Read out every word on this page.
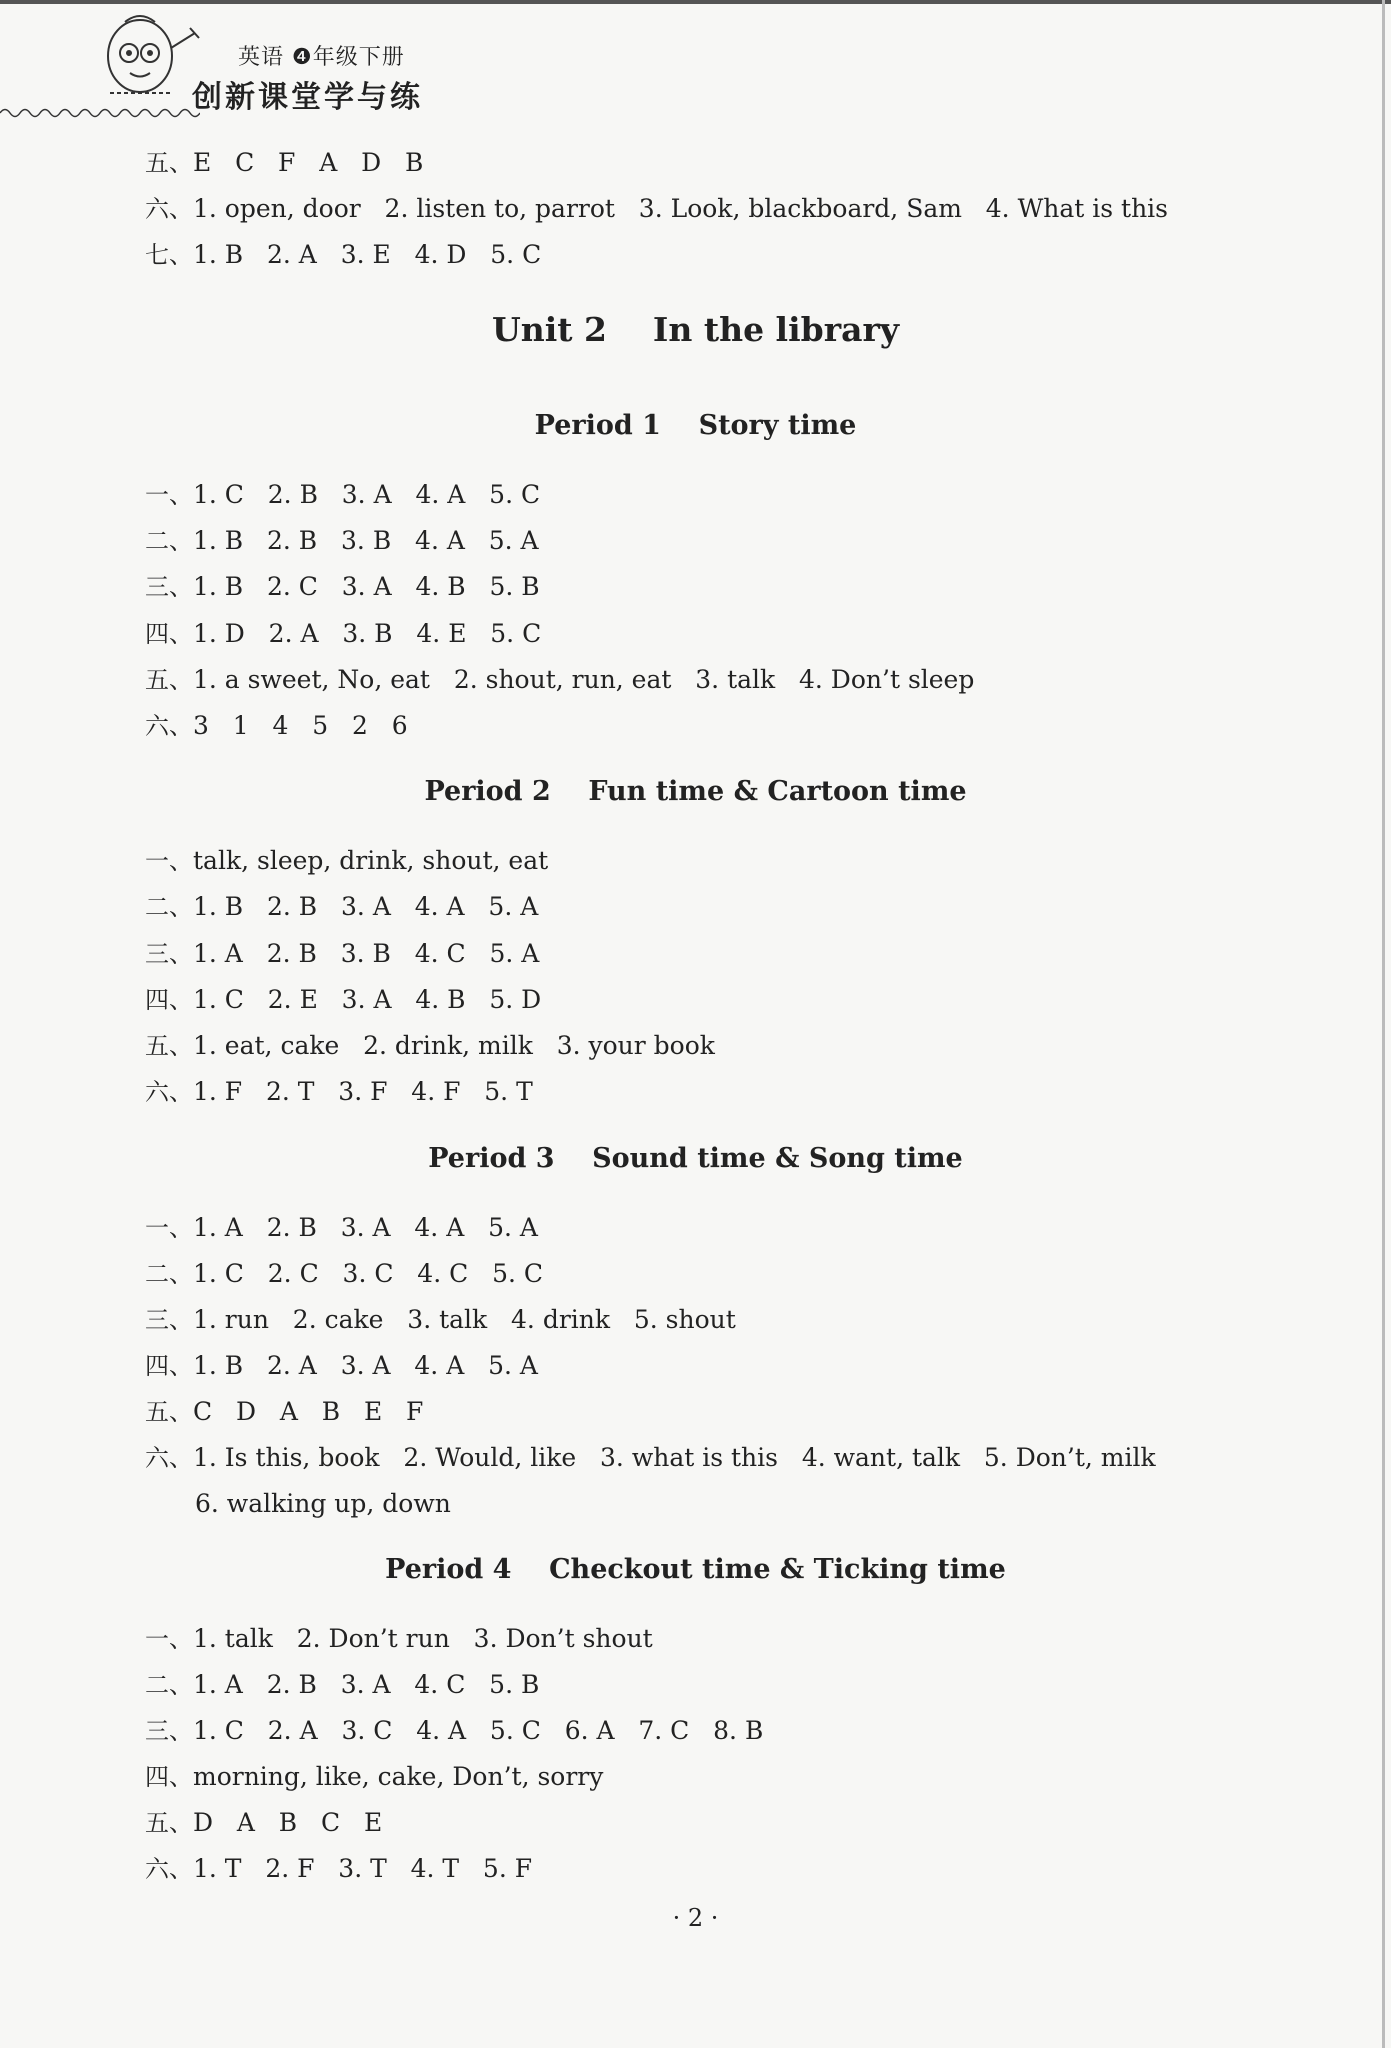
英语 ❹年级下册
创新课堂学与练
五、E   C   F   A   D   B
六、1. open, door   2. listen to, parrot   3. Look, blackboard, Sam   4. What is this
七、1. B   2. A   3. E   4. D   5. C
Unit 2    In the library
Period 1    Story time
一、1. C   2. B   3. A   4. A   5. C
二、1. B   2. B   3. B   4. A   5. A
三、1. B   2. C   3. A   4. B   5. B
四、1. D   2. A   3. B   4. E   5. C
五、1. a sweet, No, eat   2. shout, run, eat   3. talk   4. Don’t sleep
六、3   1   4   5   2   6
Period 2    Fun time & Cartoon time
一、talk, sleep, drink, shout, eat
二、1. B   2. B   3. A   4. A   5. A
三、1. A   2. B   3. B   4. C   5. A
四、1. C   2. E   3. A   4. B   5. D
五、1. eat, cake   2. drink, milk   3. your book
六、1. F   2. T   3. F   4. F   5. T
Period 3    Sound time & Song time
一、1. A   2. B   3. A   4. A   5. A
二、1. C   2. C   3. C   4. C   5. C
三、1. run   2. cake   3. talk   4. drink   5. shout
四、1. B   2. A   3. A   4. A   5. A
五、C   D   A   B   E   F
六、1. Is this, book   2. Would, like   3. what is this   4. want, talk   5. Don’t, milk
6. walking up, down
Period 4    Checkout time & Ticking time
一、1. talk   2. Don’t run   3. Don’t shout
二、1. A   2. B   3. A   4. C   5. B
三、1. C   2. A   3. C   4. A   5. C   6. A   7. C   8. B
四、morning, like, cake, Don’t, sorry
五、D   A   B   C   E
六、1. T   2. F   3. T   4. T   5. F
· 2 ·
